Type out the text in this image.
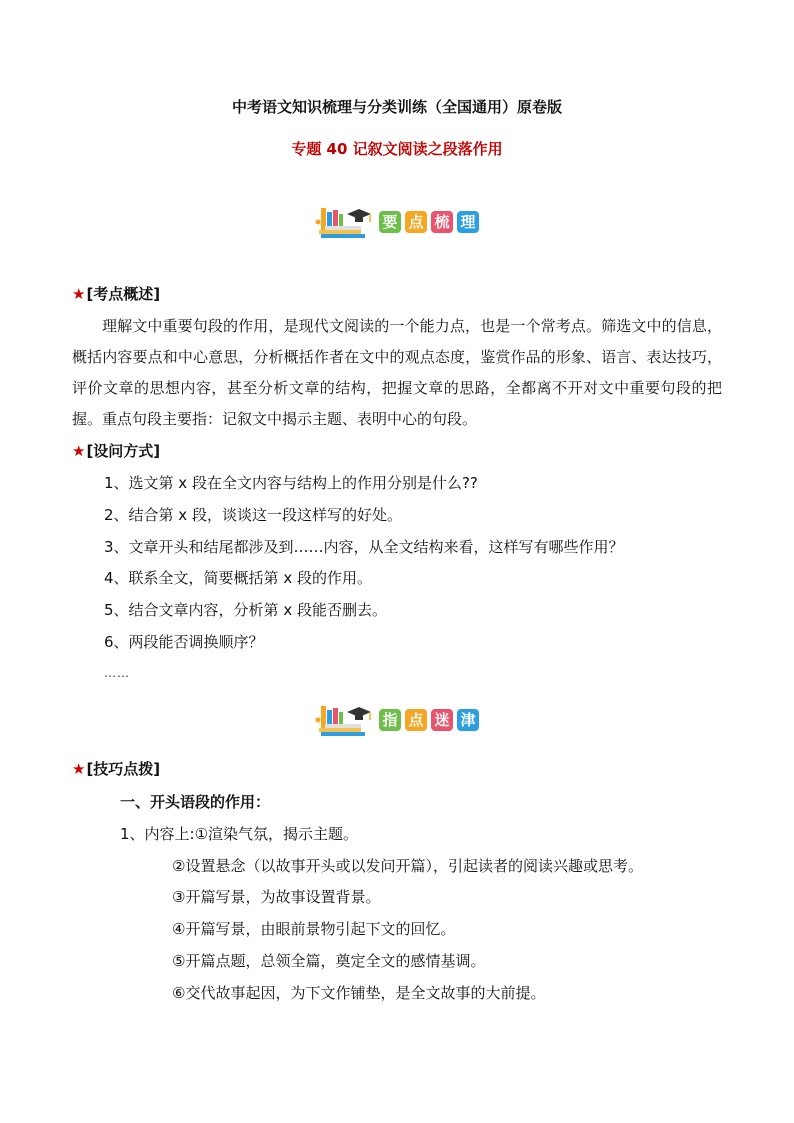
中考语文知识梳理与分类训练（全国通用）原卷版
专题 40 记叙文阅读之段落作用
要 点 梳 理
★[考点概述]
理解文中重要句段的作用，是现代文阅读的一个能力点，也是一个常考点。筛选文中的信息，概括内容要点和中心意思，分析概括作者在文中的观点态度，鉴赏作品的形象、语言、表达技巧，评价文章的思想内容，甚至分析文章的结构，把握文章的思路，全都离不开对文中重要句段的把握。重点句段主要指：记叙文中揭示主题、表明中心的句段。
★[设问方式]
1、选文第 x 段在全文内容与结构上的作用分别是什么??
2、结合第 x 段，谈谈这一段这样写的好处。
3、文章开头和结尾都涉及到……内容，从全文结构来看，这样写有哪些作用？
4、联系全文，简要概括第 x 段的作用。
5、结合文章内容，分析第 x 段能否删去。
6、两段能否调换顺序？
……
指 点 迷 津
★[技巧点拨]
一、开头语段的作用：
1、内容上:①渲染气氛，揭示主题。
②设置悬念（以故事开头或以发问开篇），引起读者的阅读兴趣或思考。
③开篇写景，为故事设置背景。
④开篇写景，由眼前景物引起下文的回忆。
⑤开篇点题，总领全篇，奠定全文的感情基调。
⑥交代故事起因，为下文作铺垫，是全文故事的大前提。
